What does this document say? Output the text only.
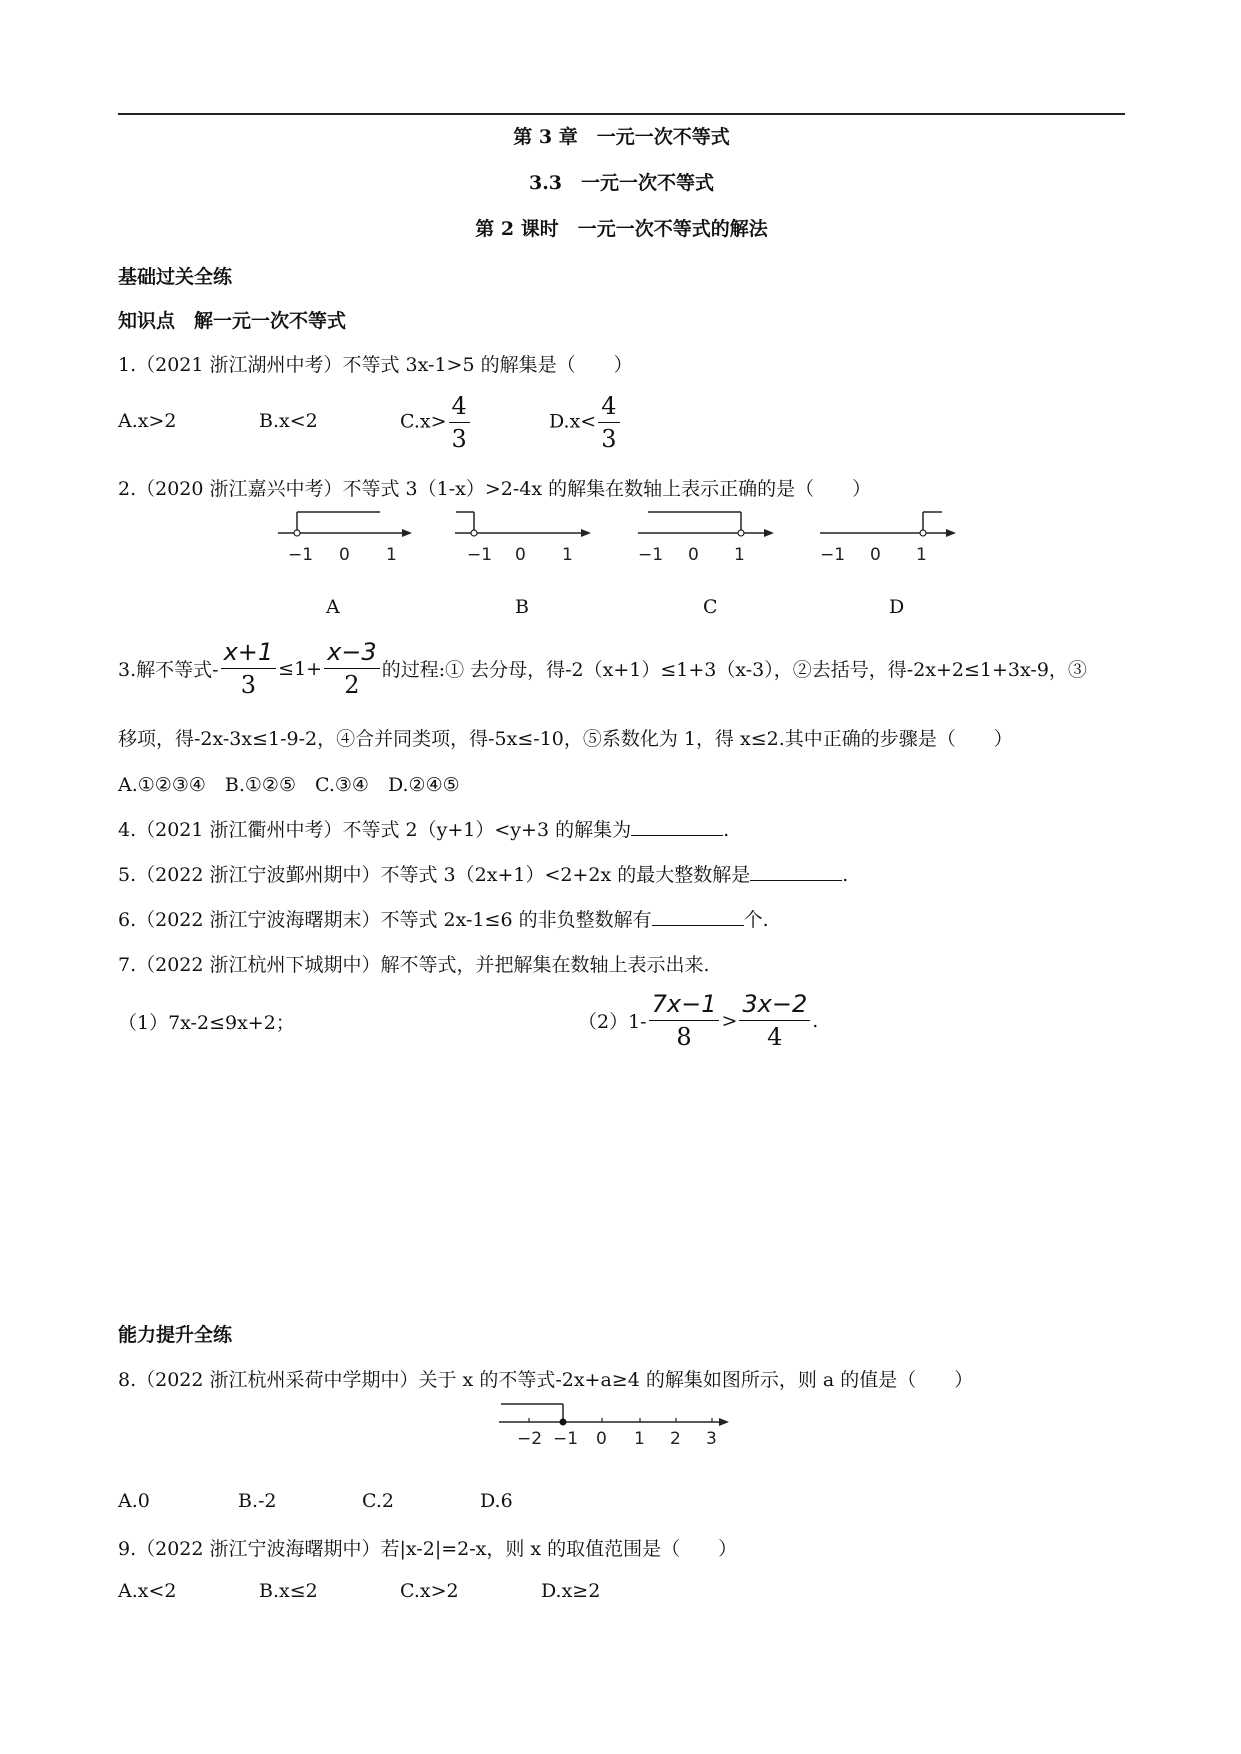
第 3 章　一元一次不等式
3.3　一元一次不等式
第 2 课时　一元一次不等式的解法
基础过关全练
知识点　解一元一次不等式
1.（2021 浙江湖州中考）不等式 3x-1>5 的解集是（　　）
A.x>2	B.x<2	$C.x> \frac{4}{3}$	$D.x< \frac{4}{3}$
2.（2020 浙江嘉兴中考）不等式 3（1-x）>2-4x 的解集在数轴上表示正确的是（　　）
−1 0 1	−1 0 1	−1 0 1	−1 0 1
A	B	C	D
3.解不等式- $\frac{x+1}{3} \le 1+ \frac{x-3}{2}$ 的过程:① 去分母，得-2（x+1）≤1+3（x-3），②去括号，得-2x+2≤1+3x-9，③
移项，得-2x-3x≤1-9-2，④合并同类项，得-5x≤-10，⑤系数化为 1，得 x≤2.其中正确的步骤是（　　）
A.①②③④　B.①②⑤　C.③④　D.②④⑤
4.（2021 浙江衢州中考）不等式 2（y+1）<y+3 的解集为	.
5.（2022 浙江宁波鄞州期中）不等式 3（2x+1）<2+2x 的最大整数解是	.
6.（2022 浙江宁波海曙期末）不等式 2x-1≤6 的非负整数解有	个.
7.（2022 浙江杭州下城期中）解不等式，并把解集在数轴上表示出来.
（1）7x-2≤9x+2；	$(2)1- \frac{7x-1}{8} > \frac{3x-2}{4}$ .
能力提升全练
8.（2022 浙江杭州采荷中学期中）关于 x 的不等式-2x+a≥4 的解集如图所示，则 a 的值是（　　）
−2 −1 0 1 2 3
A.0	B.-2	C.2	D.6
9.（2022 浙江宁波海曙期中）若|x-2|=2-x，则 x 的取值范围是（　　）
A.x<2	B.x≤2	C.x>2	D.x≥2
